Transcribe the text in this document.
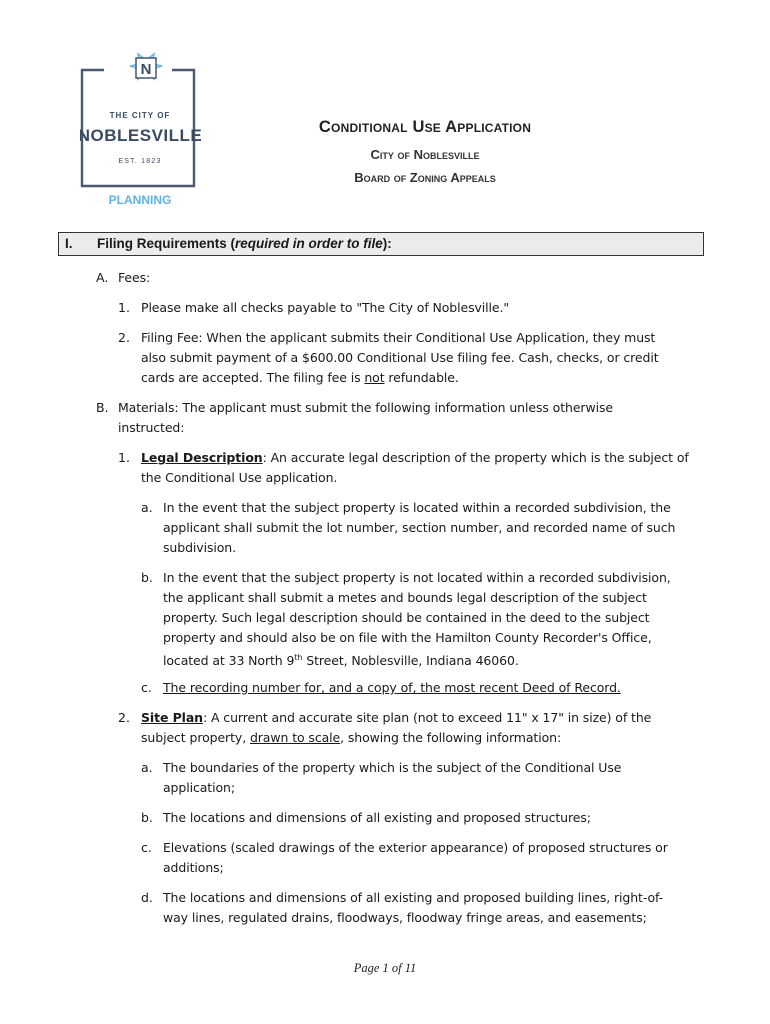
N
THE CITY OF
NOBLESVILLE
EST. 1823
PLANNING
Conditional Use Application
City of Noblesville
Board of Zoning Appeals
I. Filing Requirements (required in order to file):
A. Fees:
1. Please make all checks payable to "The City of Noblesville."
2. Filing Fee: When the applicant submits their Conditional Use Application, they must
also submit payment of a $600.00 Conditional Use filing fee. Cash, checks, or credit
cards are accepted. The filing fee is not refundable.
B. Materials: The applicant must submit the following information unless otherwise
instructed:
1. Legal Description: An accurate legal description of the property which is the subject of
the Conditional Use application.
a. In the event that the subject property is located within a recorded subdivision, the
applicant shall submit the lot number, section number, and recorded name of such
subdivision.
b. In the event that the subject property is not located within a recorded subdivision,
the applicant shall submit a metes and bounds legal description of the subject
property. Such legal description should be contained in the deed to the subject
property and should also be on file with the Hamilton County Recorder's Office,
located at 33 North 9th Street, Noblesville, Indiana 46060.
c. The recording number for, and a copy of, the most recent Deed of Record.
2. Site Plan: A current and accurate site plan (not to exceed 11" x 17" in size) of the
subject property, drawn to scale, showing the following information:
a. The boundaries of the property which is the subject of the Conditional Use
application;
b. The locations and dimensions of all existing and proposed structures;
c. Elevations (scaled drawings of the exterior appearance) of proposed structures or
additions;
d. The locations and dimensions of all existing and proposed building lines, right-of-
way lines, regulated drains, floodways, floodway fringe areas, and easements;
Page 1 of 11
